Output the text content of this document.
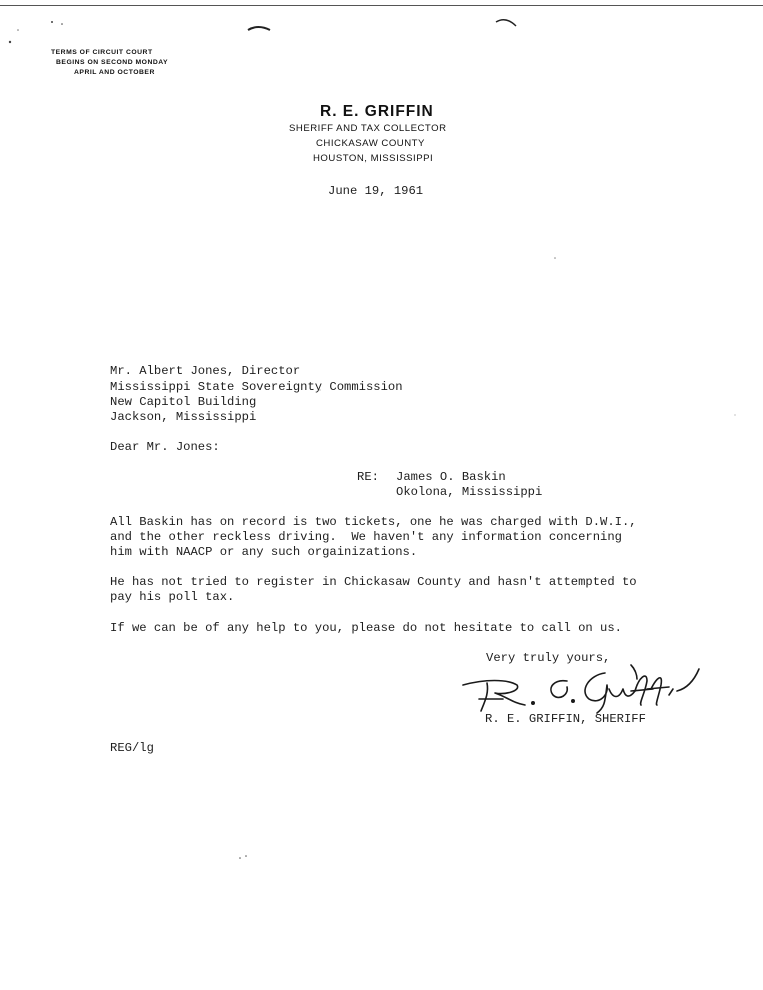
TERMS OF CIRCUIT COURT
BEGINS ON SECOND MONDAY
APRIL AND OCTOBER
R. E. GRIFFIN
SHERIFF AND TAX COLLECTOR
CHICKASAW COUNTY
HOUSTON, MISSISSIPPI
June 19, 1961
Mr. Albert Jones, Director
Mississippi State Sovereignty Commission
New Capitol Building
Jackson, Mississippi
Dear Mr. Jones:
RE: James O. Baskin
Okolona, Mississippi
All Baskin has on record is two tickets, one he was charged with D.W.I.,
and the other reckless driving.  We haven't any information concerning
him with NAACP or any such orgainizations.
He has not tried to register in Chickasaw County and hasn't attempted to
pay his poll tax.
If we can be of any help to you, please do not hesitate to call on us.
Very truly yours,
R. E. GRIFFIN, SHERIFF
REG/lg
